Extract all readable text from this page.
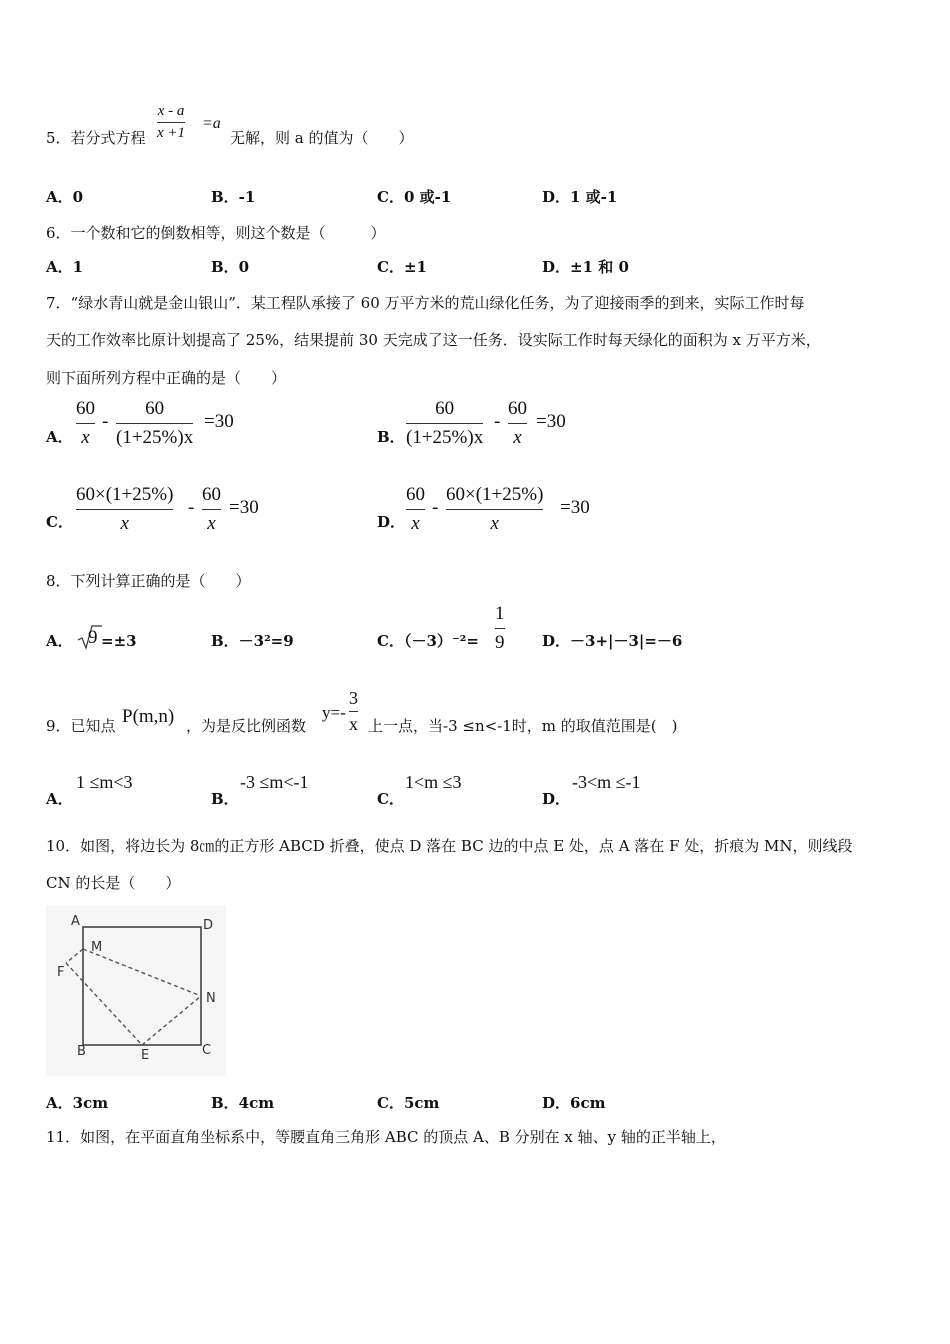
5．若分式方程
x - a
x +1
=a
无解，则 a 的值为（　　）
A．0	B．-1	C．0 或-1	D．1 或-1
6．一个数和它的倒数相等，则这个数是（　　　）
A．1	B．0	C．±1	D．±1 和 0
7．“绿水青山就是金山银山”．某工程队承接了 60 万平方米的荒山绿化任务，为了迎接雨季的到来，实际工作时每
天的工作效率比原计划提高了 25%，结果提前 30 天完成了这一任务．设实际工作时每天绿化的面积为 x 万平方米，
则下面所列方程中正确的是（　　）
A．
60
x
-
60
(1+25%)x
=30
B．
60
(1+25%)x
-
60
x
=30
C．
60×(1+25%)
x
-
60
x
=30
D．
60
x
-
60×(1+25%)
x
=30
8．下列计算正确的是（　　）
A． 9 =±3	B．－3²=9	C．（－3）⁻²=
1
9	D．－3+|－3|=－6
9．已知点 P(m,n) ，为是反比例函数
y=-
3
x 上一点，当-3 ≤n<-1时，m 的取值范围是(　)
A．
1 ≤m<3
B．
-3 ≤m<-1
C．
1<m ≤3
D．
-3<m ≤-1
10．如图，将边长为 8㎝的正方形 ABCD 折叠，使点 D 落在 BC 边的中点 E 处，点 A 落在 F 处，折痕为 MN，则线段
CN 的长是（　　）
A	D
M
F
N
B	E	C
A．3cm	B．4cm	C．5cm	D．6cm
11．如图，在平面直角坐标系中，等腰直角三角形 ABC 的顶点 A、B 分别在 x 轴、y 轴的正半轴上，
